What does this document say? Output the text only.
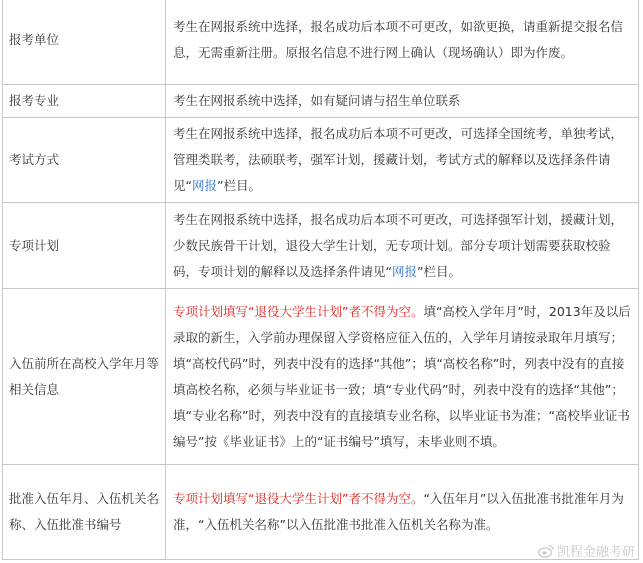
报考单位	考生在网报系统中选择，报名成功后本项不可更改，如欲更换，请重新提交报名信息，无需重新注册。原报名信息不进行网上确认（现场确认）即为作废。
报考专业	考生在网报系统中选择，如有疑问请与招生单位联系
考试方式	考生在网报系统中选择，报名成功后本项不可更改，可选择全国统考，单独考试，管理类联考，法硕联考，强军计划，援藏计划，考试方式的解释以及选择条件请见“网报”栏目。
专项计划	考生在网报系统中选择，报名成功后本项不可更改，可选择强军计划，援藏计划，少数民族骨干计划，退役大学生计划，无专项计划。部分专项计划需要获取校验码，专项计划的解释以及选择条件请见“网报”栏目。
入伍前所在高校入学年月等相关信息	专项计划填写“退役大学生计划”者不得为空。填“高校入学年月”时，2013年及以后录取的新生，入学前办理保留入学资格应征入伍的，入学年月请按录取年月填写；填“高校代码”时，列表中没有的选择“其他”；填“高校名称”时，列表中没有的直接填高校名称，必须与毕业证书一致；填“专业代码”时，列表中没有的选择“其他”；填“专业名称”时，列表中没有的直接填专业名称，以毕业证书为准；“高校毕业证书编号”按《毕业证书》上的“证书编号”填写，未毕业则不填。
批准入伍年月、入伍机关名称、入伍批准书编号	专项计划填写“退役大学生计划”者不得为空。“入伍年月”以入伍批准书批准年月为准，“入伍机关名称”以入伍批准书批准入伍机关名称为准。
凯程金融考研
